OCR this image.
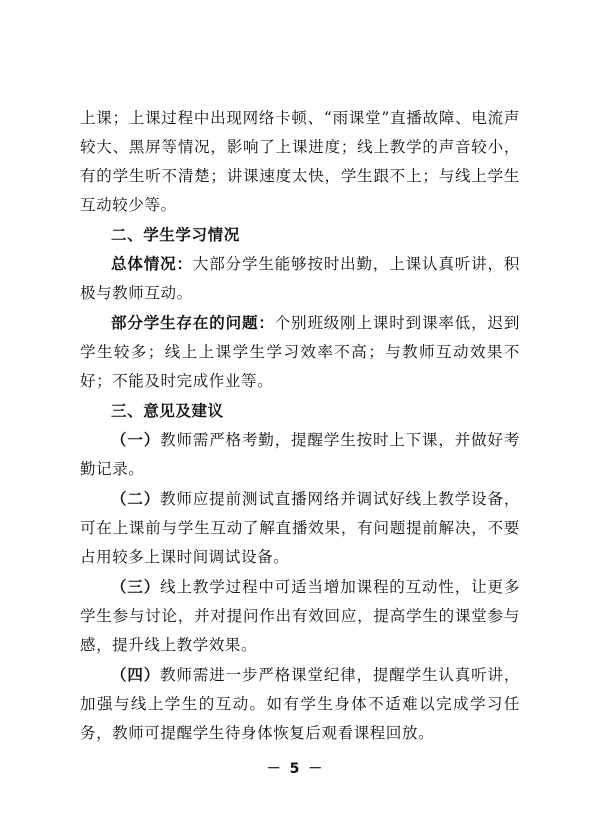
上课；上课过程中出现网络卡顿、“雨课堂”直播故障、电流声较大、黑屏等情况，影响了上课进度；线上教学的声音较小，有的学生听不清楚；讲课速度太快，学生跟不上；与线上学生互动较少等。

二、学生学习情况

总体情况：大部分学生能够按时出勤，上课认真听讲，积极与教师互动。

部分学生存在的问题：个别班级刚上课时到课率低，迟到学生较多；线上上课学生学习效率不高；与教师互动效果不好；不能及时完成作业等。

三、意见及建议

（一）教师需严格考勤，提醒学生按时上下课，并做好考勤记录。

（二）教师应提前测试直播网络并调试好线上教学设备，可在上课前与学生互动了解直播效果，有问题提前解决，不要占用较多上课时间调试设备。

（三）线上教学过程中可适当增加课程的互动性，让更多学生参与讨论，并对提问作出有效回应，提高学生的课堂参与感，提升线上教学效果。

（四）教师需进一步严格课堂纪律，提醒学生认真听讲，加强与线上学生的互动。如有学生身体不适难以完成学习任务，教师可提醒学生待身体恢复后观看课程回放。

－ 5 －
